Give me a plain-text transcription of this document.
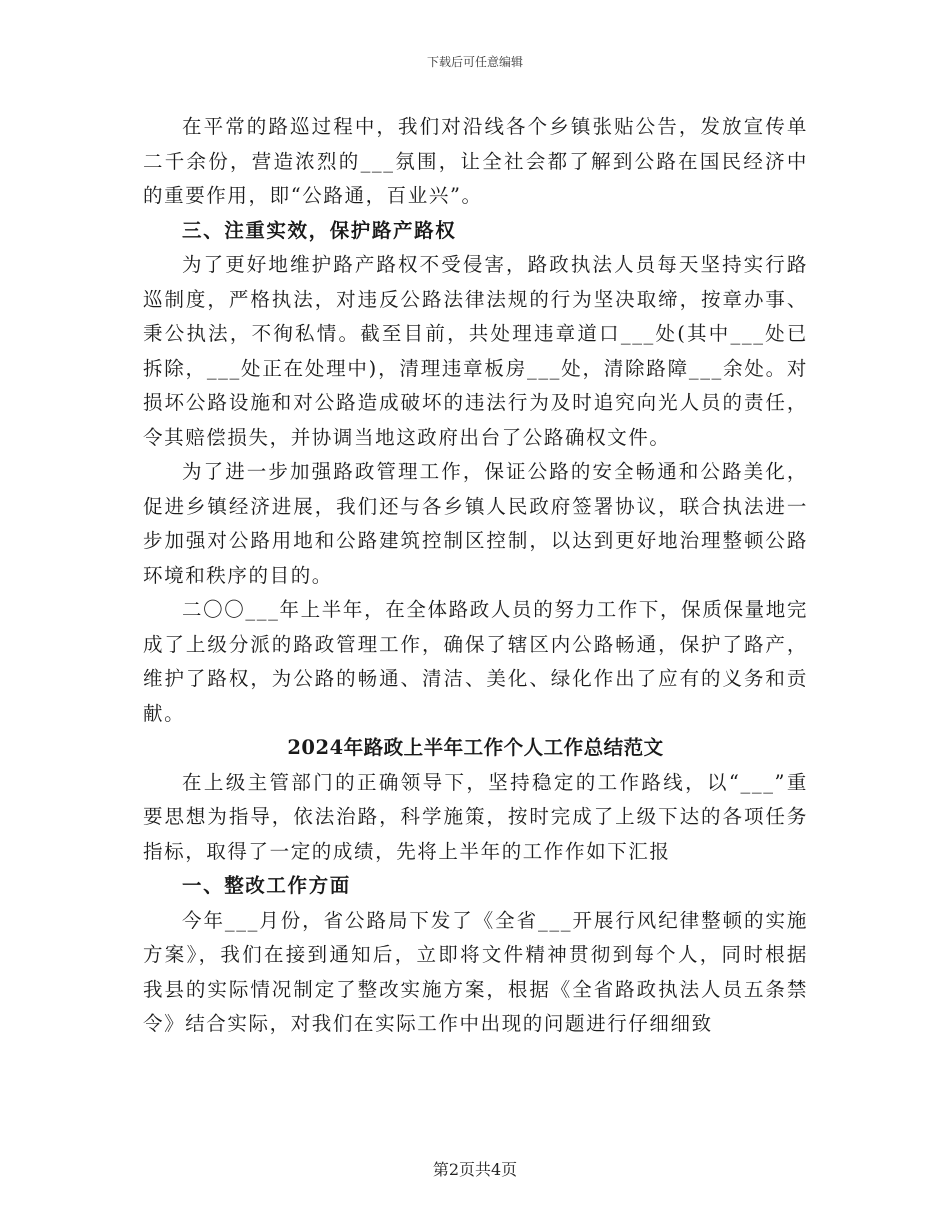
下载后可任意编辑

在平常的路巡过程中，我们对沿线各个乡镇张贴公告，发放宣传单二千余份，营造浓烈的___氛围，让全社会都了解到公路在国民经济中的重要作用，即“公路通，百业兴”。

三、注重实效，保护路产路权

为了更好地维护路产路权不受侵害，路政执法人员每天坚持实行路巡制度，严格执法，对违反公路法律法规的行为坚决取缔，按章办事、秉公执法，不徇私情。截至目前，共处理违章道口___处(其中___处已拆除，___处正在处理中)，清理违章板房___处，清除路障___余处。对损坏公路设施和对公路造成破坏的违法行为及时追究向光人员的责任，令其赔偿损失，并协调当地这政府出台了公路确权文件。

为了进一步加强路政管理工作，保证公路的安全畅通和公路美化，促进乡镇经济进展，我们还与各乡镇人民政府签署协议，联合执法进一步加强对公路用地和公路建筑控制区控制，以达到更好地治理整顿公路环境和秩序的目的。

二〇〇___年上半年，在全体路政人员的努力工作下，保质保量地完成了上级分派的路政管理工作，确保了辖区内公路畅通，保护了路产，维护了路权，为公路的畅通、清洁、美化、绿化作出了应有的义务和贡献。

2024年路政上半年工作个人工作总结范文

在上级主管部门的正确领导下，坚持稳定的工作路线，以“___”重要思想为指导，依法治路，科学施策，按时完成了上级下达的各项任务指标，取得了一定的成绩，先将上半年的工作作如下汇报

一、整改工作方面

今年___月份，省公路局下发了《全省___开展行风纪律整顿的实施方案》，我们在接到通知后，立即将文件精神贯彻到每个人，同时根据我县的实际情况制定了整改实施方案，根据《全省路政执法人员五条禁令》结合实际，对我们在实际工作中出现的问题进行仔细细致

第2页共4页
